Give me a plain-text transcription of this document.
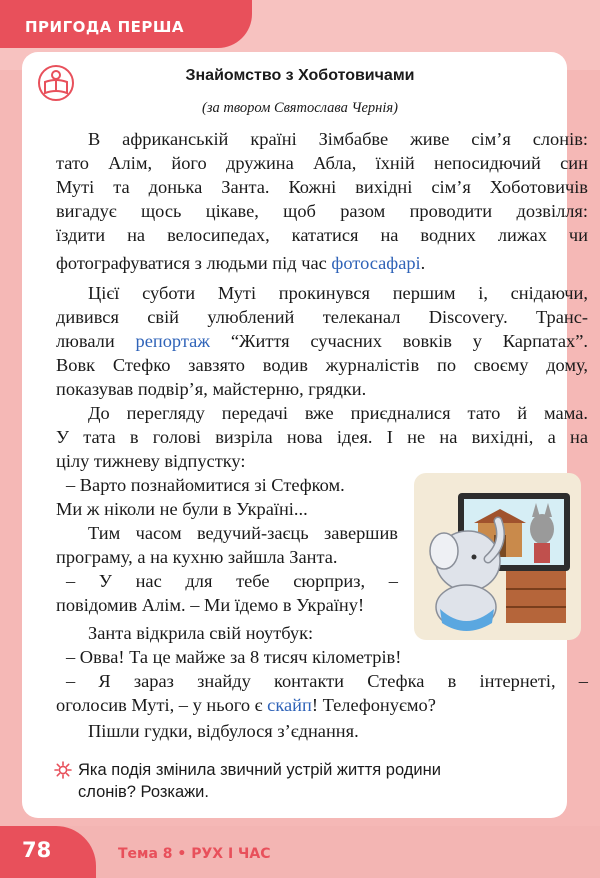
ПРИГОДА ПЕРША
Знайомство з Хоботовичами
(за твором Святослава Чернія)
В африканській країні Зімбабве живе сім’я слонів:
тато Алім, його дружина Абла, їхній непосидючий син
Муті та донька Занта. Кожні вихідні сім’я Хоботовичів
вигадує щось цікаве, щоб разом проводити дозвілля:
їздити на велосипедах, кататися на водних лижах чи
фотографуватися з людьми під час фотосафарі.
Цієї суботи Муті прокинувся першим і, снідаючи,
дивився свій улюблений телеканал Discovery. Транс-
лювали репортаж “Життя сучасних вовків у Карпатах”.
Вовк Стефко завзято водив журналістів по своєму дому,
показував подвір’я, майстерню, грядки.
До перегляду передачі вже приєдналися тато й мама.
У тата в голові визріла нова ідея. І не на вихідні, а на
цілу тижневу відпустку:
– Варто познайомитися зі Стефком.
Ми ж ніколи не були в Україні...
Тим часом ведучий-заєць завершив
програму, а на кухню зайшла Занта.
– У нас для тебе сюрприз, –
повідомив Алім. – Ми їдемо в Україну!
Занта відкрила свій ноутбук:
– Овва! Та це майже за 8 тисяч кілометрів!
– Я зараз знайду контакти Стефка в інтернеті, –
оголосив Муті, – у нього є скайп! Телефонуємо?
Пішли гудки, відбулося з’єднання.
Яка подія змінила звичний устрій життя родини
слонів? Розкажи.
78	Тема 8 • РУХ І ЧАС
